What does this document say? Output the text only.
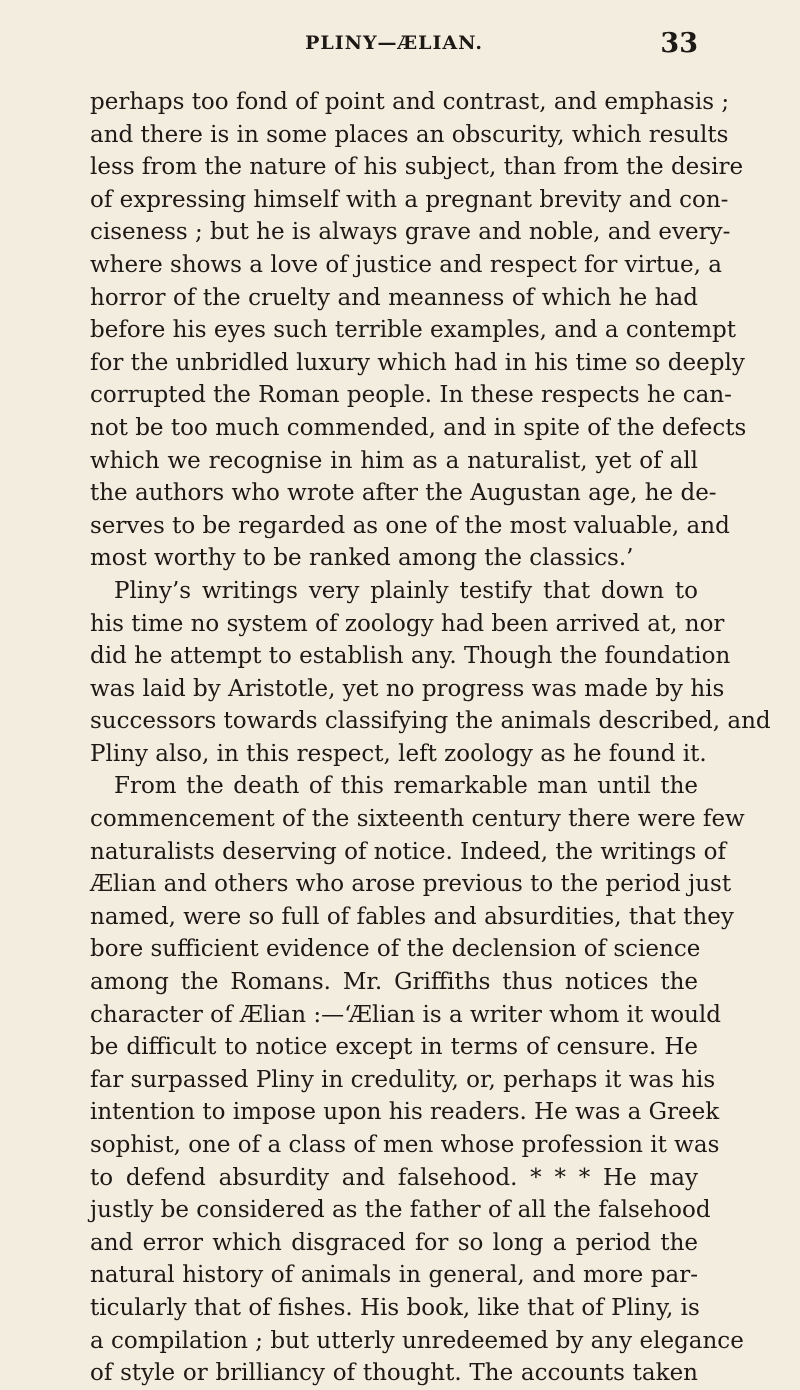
PLINY—ÆLIAN.	33
perhaps too fond of point and contrast, and emphasis ;
and there is in some places an obscurity, which results
less from the nature of his subject, than from the desire
of expressing himself with a pregnant brevity and con-
ciseness ; but he is always grave and noble, and every-
where shows a love of justice and respect for virtue, a
horror of the cruelty and meanness of which he had
before his eyes such terrible examples, and a contempt
for the unbridled luxury which had in his time so deeply
corrupted the Roman people. In these respects he can-
not be too much commended, and in spite of the defects
which we recognise in him as a naturalist, yet of all
the authors who wrote after the Augustan age, he de-
serves to be regarded as one of the most valuable, and
most worthy to be ranked among the classics.’
Pliny’s writings very plainly testify that down to
his time no system of zoology had been arrived at, nor
did he attempt to establish any. Though the foundation
was laid by Aristotle, yet no progress was made by his
successors towards classifying the animals described, and
Pliny also, in this respect, left zoology as he found it.
From the death of this remarkable man until the
commencement of the sixteenth century there were few
naturalists deserving of notice. Indeed, the writings of
Ælian and others who arose previous to the period just
named, were so full of fables and absurdities, that they
bore sufficient evidence of the declension of science
among the Romans. Mr. Griffiths thus notices the
character of Ælian :—‘Ælian is a writer whom it would
be difficult to notice except in terms of censure. He
far surpassed Pliny in credulity, or, perhaps it was his
intention to impose upon his readers. He was a Greek
sophist, one of a class of men whose profession it was
to defend absurdity and falsehood. * * * He may
justly be considered as the father of all the falsehood
and error which disgraced for so long a period the
natural history of animals in general, and more par-
ticularly that of fishes. His book, like that of Pliny, is
a compilation ; but utterly unredeemed by any elegance
of style or brilliancy of thought. The accounts taken
